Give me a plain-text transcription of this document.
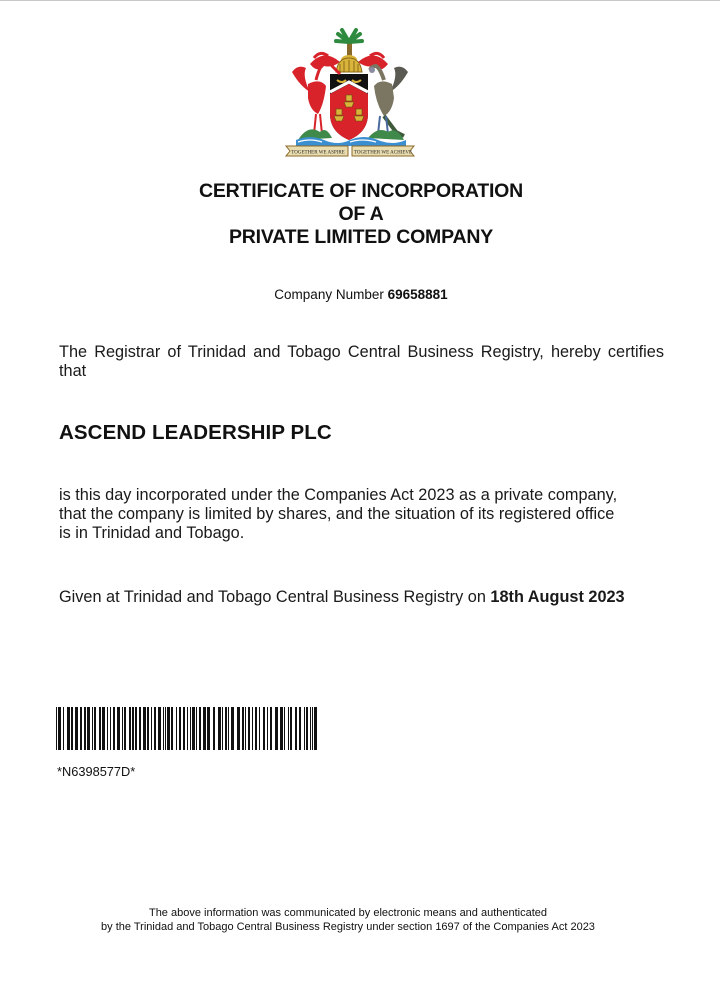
TOGETHER WE ASPIRE TOGETHER WE ACHIEVE
CERTIFICATE OF INCORPORATION
OF A
PRIVATE LIMITED COMPANY
Company Number 69658881
The Registrar of Trinidad and Tobago Central Business Registry, hereby certifies that
ASCEND LEADERSHIP PLC
is this day incorporated under the Companies Act 2023 as a private company, that the company is limited by shares, and the situation of its registered office is in Trinidad and Tobago.
Given at Trinidad and Tobago Central Business Registry on 18th August 2023
*N6398577D*
The above information was communicated by electronic means and authenticated
by the Trinidad and Tobago Central Business Registry under section 1697 of the Companies Act 2023
